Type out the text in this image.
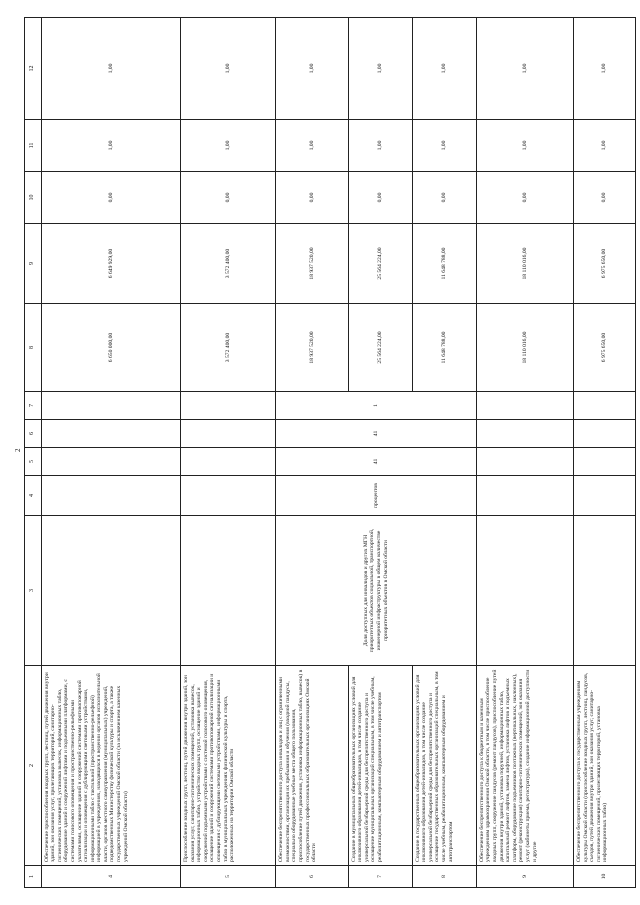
2
1	2	3	4	5	6	7	8	9	10	11	12
4	Обеспечение приспособления входных групп, лестниц, путей движения внутри зданий, зон оказания услуг, прилегающих территорий, санитарно-гигиенических помещений, установка вывесок, информационных табло, оборудование зданий и сооружений лифтами и подъемными платформами, с системами голосового оповещения и пространственно-рельефными указателями, оснащение зданий и сооружений системами противопожарной сигнализации и оповещения с дублирующими световыми устройствами, информационными табло с тактильной (пространственно-рельефной) информацией в учреждениях, находящихся в ведении органов исполнительной власти, органов местного самоуправления (муниципальных) учреждений, подведомственных Министерству физической культуры и спорта, а также государственных учреждений Омской области (за исключением казенных учреждений Омской области)						6 650 000,00	6 649 929,00	0,00	1,00	1,00
5	Приспособление входных групп, лестниц, путей движения внутри зданий, зон оказания услуг, санитарно-гигиенических помещений, установка вывесок, информационных табло, устройство входных групп, оснащение зданий и сооружений подъемными устройствами с системой голосового оповещения, оснащение зданий и сооружений системами противопожарной сигнализации и оповещения с дублирующими световыми устройствами, информационными табло в муниципальных учреждениях физической культуры и спорта, расположенных на территории Омской области						3 572 400,00	3 572 400,00	0,00	1,00	1,00
6	Обеспечение беспрепятственного доступа инвалидов и лиц с ограниченными возможностями, организация их пребывания и обучения (входной пандусы, специально оборудованные учебные места общего пользования, приспособление путей движения, установка информационных табло, вывесок) в государственных профессиональных образовательных организациях Омской области	Доля доступных для инвалидов и других МГН приоритетных объектов социальной, транспортной, инженерной инфраструктуры в общем количестве приоритетных объектов в Омской области	процентов	41	41	1	18 937 520,00	18 937 520,00	0,00	1,00	1,00
7	Создание в муниципальных общеобразовательных организациях условий для инклюзивного образования детей-инвалидов, в том числе создание универсальной безбарьерной среды для беспрепятственного доступа и оснащение муниципальных организаций специальным, в том числе учебным, реабилитационным, компьютерным оборудованием и автотранспортом						25 564 224,00	25 564 224,00	0,00	1,00	1,00
8	Создание в государственных общеобразовательных организациях условий для инклюзивного образования детей-инвалидов, в том числе создание универсальной безбарьерной среды для беспрепятственного доступа и оснащение государственных образовательных организаций специальным, в том числе учебным, реабилитационным, компьютерным оборудованием и автотранспортом						11 648 788,00	11 648 788,00	0,00	1,00	1,00
9	Обеспечение беспрепятственного доступа к бюджетным и казенным учреждениям здравоохранения Омской области, в том числе приспособление входных групп, сооружение пандусов (ремонт пандусов), приспособление путей движения внутри зданий, установка поручней, информационных табло, капитальный ремонт лифтов, замена лифтов, установка лифтов и подъемных платформ, оборудование подъемников поэтажных (вертикальных, наклонных), ремонт (реконструкция) санитарно-гигиенических помещений, зон оказания услуг (кабинеты приема, регистратура), создание информационной доступности и другие						18 110 016,00	18 110 016,00	0,00	1,00	1,00
10	Обеспечение беспрепятственного доступа к государственным учреждениям культуры Омской области (приспособление входных групп, лестниц, пандусов, съездов, путей движения внутри зданий, зон оказания услуг, санитарно-гигиенических помещений, прилегающих территорий, установка информационных табло)						6 975 650,00	6 975 650,00	0,00	1,00	1,00
